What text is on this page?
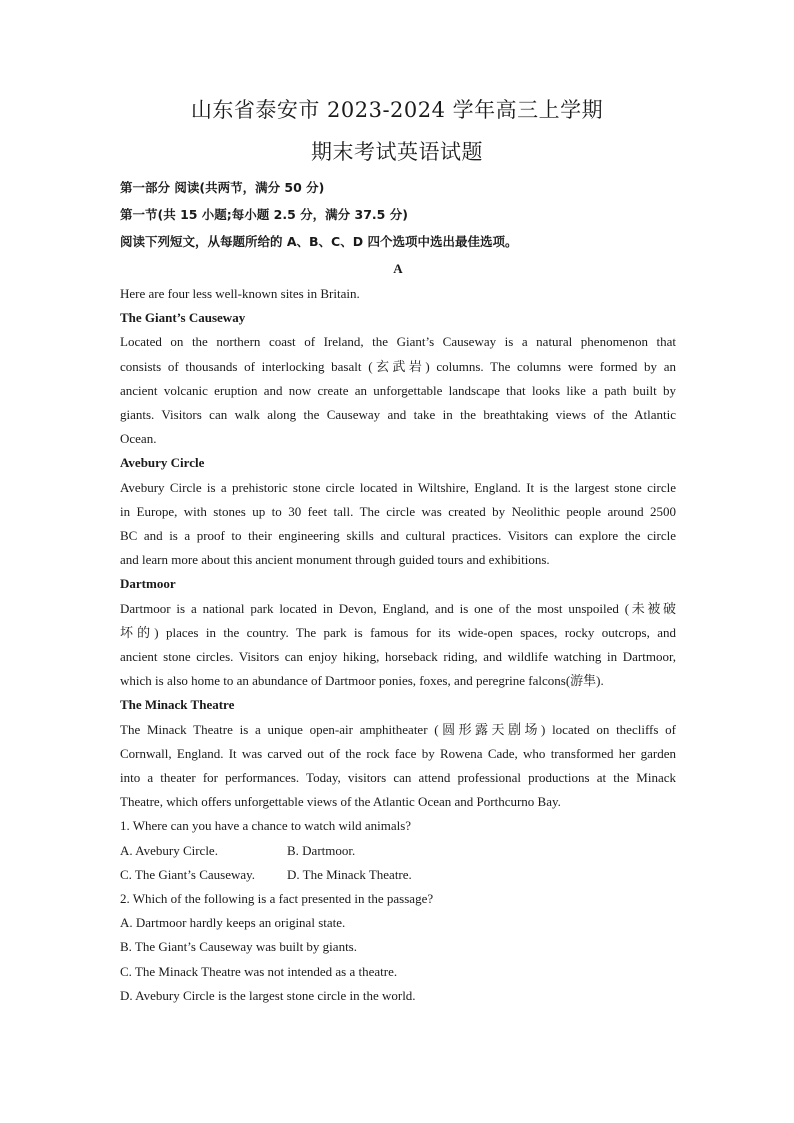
山东省泰安市 2023-2024 学年高三上学期
期末考试英语试题
第一部分 阅读(共两节，满分 50 分)
第一节(共 15 小题;每小题 2.5 分，满分 37.5 分)
阅读下列短文，从每题所给的 A、B、C、D 四个选项中选出最佳选项。
A
Here are four less well-known sites in Britain.
The Giant’s Causeway
Located on the northern coast of Ireland, the Giant’s Causeway is a natural phenomenon that
consists of thousands of interlocking basalt (玄武岩) columns. The columns were formed by an
ancient volcanic eruption and now create an unforgettable landscape that looks like a path built by
giants. Visitors can walk along the Causeway and take in the breathtaking views of the Atlantic
Ocean.
Avebury Circle
Avebury Circle is a prehistoric stone circle located in Wiltshire, England. It is the largest stone circle
in Europe, with stones up to 30 feet tall. The circle was created by Neolithic people around 2500
BC and is a proof to their engineering skills and cultural practices. Visitors can explore the circle
and learn more about this ancient monument through guided tours and exhibitions.
Dartmoor
Dartmoor is a national park located in Devon, England, and is one of the most unspoiled (未被破
坏的) places in the country. The park is famous for its wide-open spaces, rocky outcrops, and
ancient stone circles. Visitors can enjoy hiking, horseback riding, and wildlife watching in Dartmoor,
which is also home to an abundance of Dartmoor ponies, foxes, and peregrine falcons(游隼).
The Minack Theatre
The Minack Theatre is a unique open-air amphitheater (圆形露天剧场) located on thecliffs of
Cornwall, England. It was carved out of the rock face by Rowena Cade, who transformed her garden
into a theater for performances. Today, visitors can attend professional productions at the Minack
Theatre, which offers unforgettable views of the Atlantic Ocean and Porthcurno Bay.
1. Where can you have a chance to watch wild animals?
A. Avebury Circle.	B. Dartmoor.
C. The Giant’s Causeway.	D. The Minack Theatre.
2. Which of the following is a fact presented in the passage?
A. Dartmoor hardly keeps an original state.
B. The Giant’s Causeway was built by giants.
C. The Minack Theatre was not intended as a theatre.
D. Avebury Circle is the largest stone circle in the world.
